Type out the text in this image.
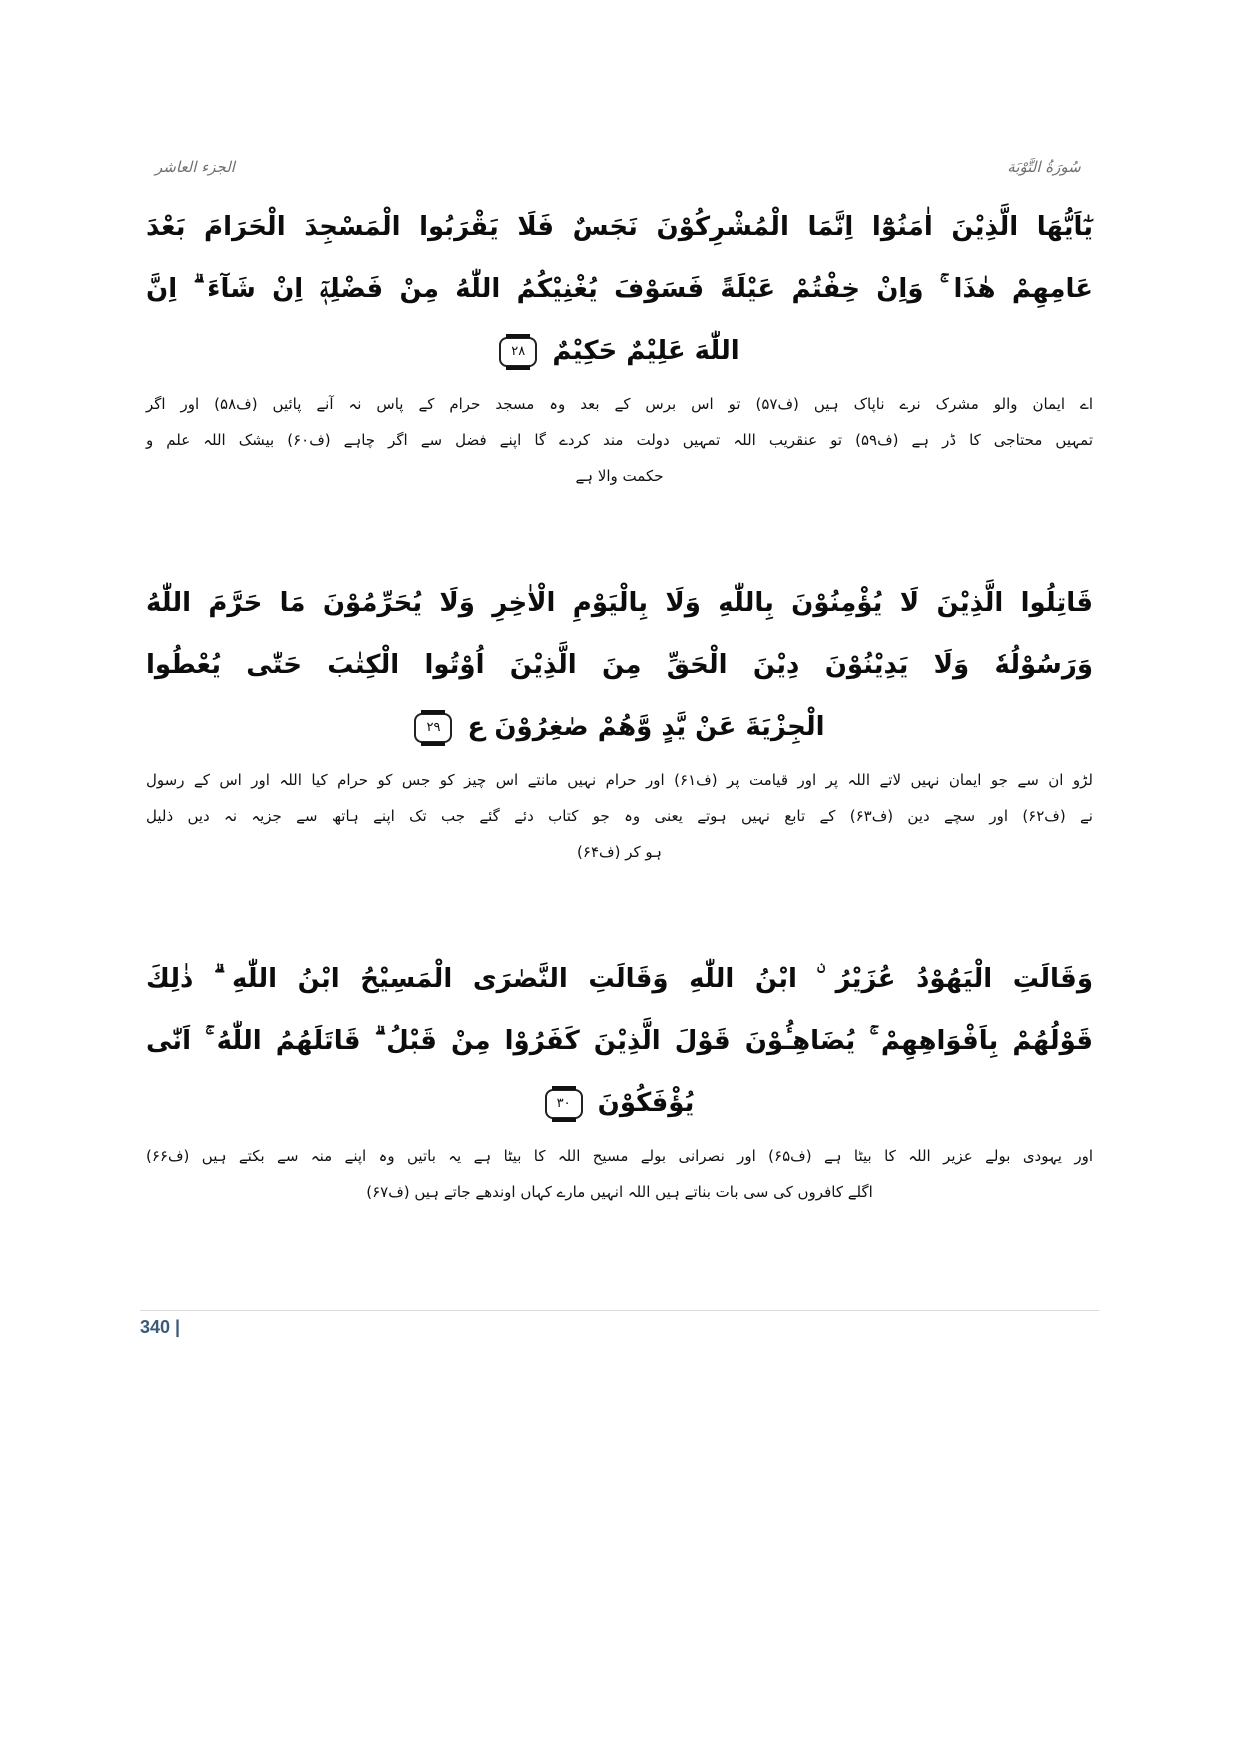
الجزء العاشر	سُورَةُ التَّوْبَة
يٰٓاَيُّهَا الَّذِيْنَ اٰمَنُوْٓا اِنَّمَا الْمُشْرِكُوْنَ نَجَسٌ فَلَا يَقْرَبُوا الْمَسْجِدَ الْحَرَامَ بَعْدَ
عَامِهِمْ هٰذَا ۚ وَاِنْ خِفْتُمْ عَيْلَةً فَسَوْفَ يُغْنِيْكُمُ اللّٰهُ مِنْ فَضْلِهٖٓ اِنْ شَآءَ ۗ اِنَّ
اللّٰهَ عَلِيْمٌ حَكِيْمٌ ٢٨
اے ایمان والو مشرک نرے ناپاک ہیں (ف۵۷) تو اس برس کے بعد وہ مسجد حرام کے پاس نہ آنے پائیں (ف۵۸) اور اگر
تمہیں محتاجی کا ڈر ہے (ف۵۹) تو عنقریب اللہ تمہیں دولت مند کردے گا اپنے فضل سے اگر چاہے (ف۶۰) بیشک اللہ علم و
حکمت والا ہے
قَاتِلُوا الَّذِيْنَ لَا يُؤْمِنُوْنَ بِاللّٰهِ وَلَا بِالْيَوْمِ الْاٰخِرِ وَلَا يُحَرِّمُوْنَ مَا حَرَّمَ اللّٰهُ
وَرَسُوْلُهٗ وَلَا يَدِيْنُوْنَ دِيْنَ الْحَقِّ مِنَ الَّذِيْنَ اُوْتُوا الْكِتٰبَ حَتّٰى يُعْطُوا
الْجِزْيَةَ عَنْ يَّدٍ وَّهُمْ صٰغِرُوْنَ ع ٢٩
لڑو ان سے جو ایمان نہیں لاتے اللہ پر اور قیامت پر (ف۶۱) اور حرام نہیں مانتے اس چیز کو جس کو حرام کیا اللہ اور اس کے رسول
نے (ف۶۲) اور سچے دین (ف۶۳) کے تابع نہیں ہوتے یعنی وہ جو کتاب دئے گئے جب تک اپنے ہاتھ سے جزیہ نہ دیں ذلیل
ہو کر (ف۶۴)
وَقَالَتِ الْيَهُوْدُ عُزَيْرُ ۨ ابْنُ اللّٰهِ وَقَالَتِ النَّصٰرَى الْمَسِيْحُ ابْنُ اللّٰهِ ۗ ذٰلِكَ
قَوْلُهُمْ بِاَفْوَاهِهِمْ ۚ يُضَاهِـُٔوْنَ قَوْلَ الَّذِيْنَ كَفَرُوْا مِنْ قَبْلُ ۗ قَاتَلَهُمُ اللّٰهُ ۚ اَنّٰى
يُؤْفَكُوْنَ ٣٠
اور یہودی بولے عزیر اللہ کا بیٹا ہے (ف۶۵) اور نصرانی بولے مسیح اللہ کا بیٹا ہے یہ باتیں وہ اپنے منہ سے بکتے ہیں (ف۶۶)
اگلے کافروں کی سی بات بناتے ہیں اللہ انہیں مارے کہاں اوندھے جاتے ہیں (ف۶۷)
340 |
